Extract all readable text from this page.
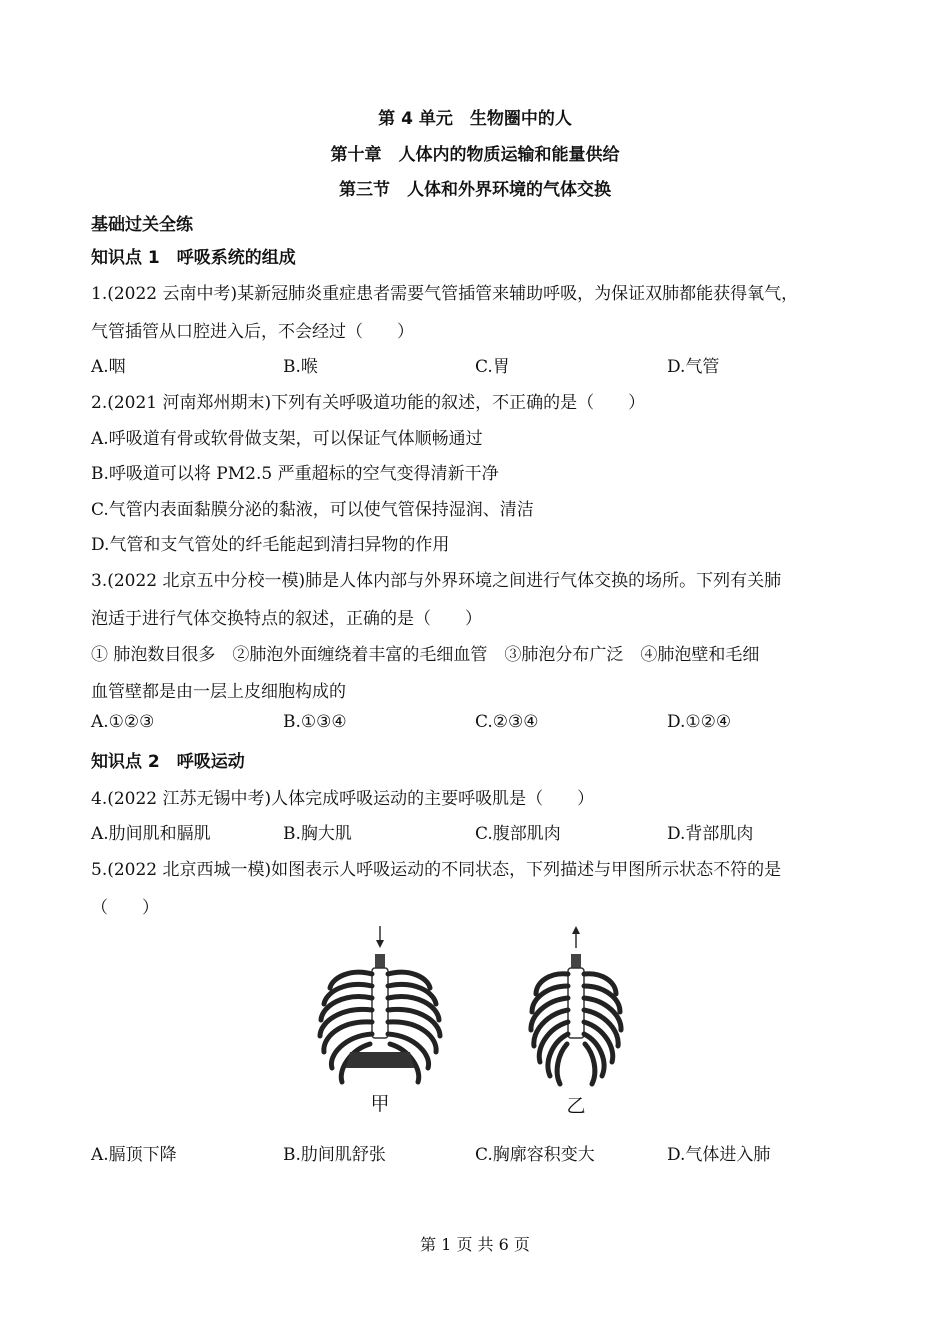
第 4 单元　生物圈中的人
第十章　人体内的物质运输和能量供给
第三节　人体和外界环境的气体交换
基础过关全练
知识点 1　呼吸系统的组成
1.(2022 云南中考)某新冠肺炎重症患者需要气管插管来辅助呼吸，为保证双肺都能获得氧气，
气管插管从口腔进入后，不会经过（　　）
A.咽	B.喉	C.胃	D.气管
2.(2021 河南郑州期末)下列有关呼吸道功能的叙述，不正确的是（　　）
A.呼吸道有骨或软骨做支架，可以保证气体顺畅通过
B.呼吸道可以将 PM2.5 严重超标的空气变得清新干净
C.气管内表面黏膜分泌的黏液，可以使气管保持湿润、清洁
D.气管和支气管处的纤毛能起到清扫异物的作用
3.(2022 北京五中分校一模)肺是人体内部与外界环境之间进行气体交换的场所。下列有关肺
泡适于进行气体交换特点的叙述，正确的是（　　）
① 肺泡数目很多　②肺泡外面缠绕着丰富的毛细血管　③肺泡分布广泛　④肺泡壁和毛细
血管壁都是由一层上皮细胞构成的
A.①②③	B.①③④	C.②③④	D.①②④
知识点 2　呼吸运动
4.(2022 江苏无锡中考)人体完成呼吸运动的主要呼吸肌是（　　）
A.肋间肌和膈肌	B.胸大肌	C.腹部肌肉	D.背部肌肉
5.(2022 北京西城一模)如图表示人呼吸运动的不同状态，下列描述与甲图所示状态不符的是
（　　）
甲	乙
A.膈顶下降	B.肋间肌舒张	C.胸廓容积变大	D.气体进入肺
第 1 页 共 6 页
